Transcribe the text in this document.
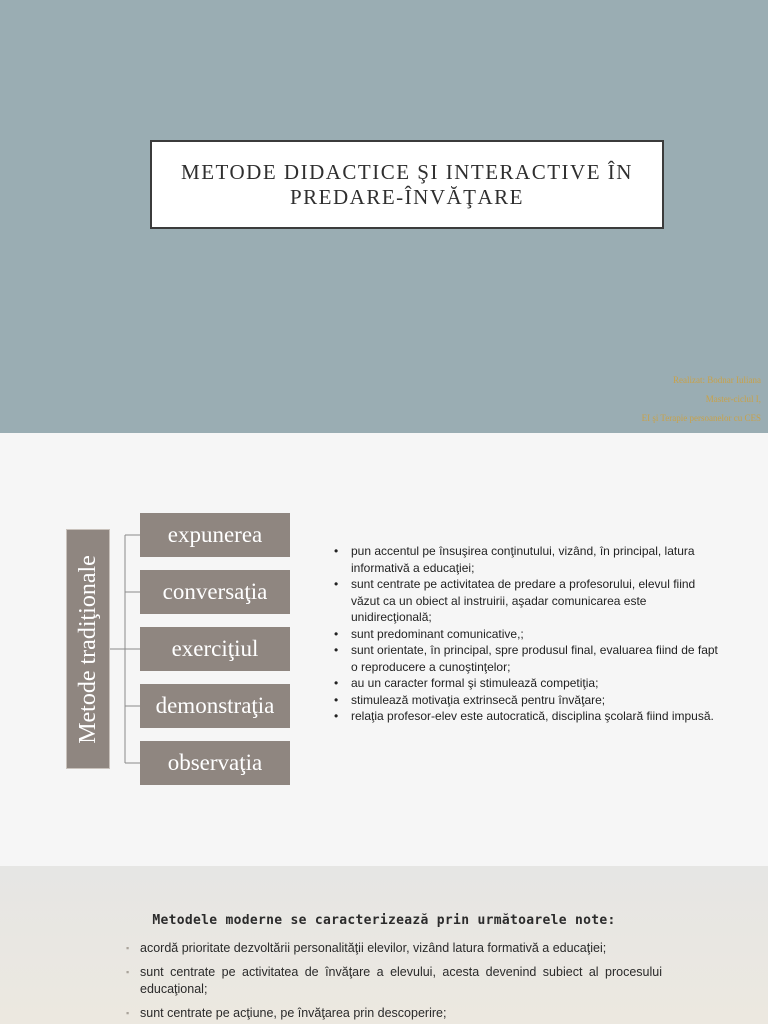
METODE DIDACTICE ŞI INTERACTIVE ÎN
PREDARE-ÎNVĂŢARE
Realizat: Bodnar Iuliana
Master-ciclul I,
EI şi Terapie persoanelor cu CES
Metode tradiţionale
expunerea
conversaţia
exerciţiul
demonstraţia
observaţia
• pun accentul pe însuşirea conţinutului, vizând, în principal, latura informativă a educaţiei;
• sunt centrate pe activitatea de predare a profesorului, elevul fiind văzut ca un obiect al instruirii, aşadar comunicarea este unidirecţională;
• sunt predominant comunicative,;
• sunt orientate, în principal, spre produsul final, evaluarea fiind de fapt o reproducere a cunoştinţelor;
• au un caracter formal şi stimulează competiţia;
• stimulează motivaţia extrinsecă pentru învăţare;
• relaţia profesor-elev este autocratică, disciplina şcolară fiind impusă.
Metodele moderne se caracterizează prin următoarele note:
▪ acordă prioritate dezvoltării personalităţii elevilor, vizând latura formativă a educaţiei;
▪ sunt centrate pe activitatea de învăţare a elevului, acesta devenind subiect al procesului educaţional;
▪ sunt centrate pe acţiune, pe învăţarea prin descoperire;
